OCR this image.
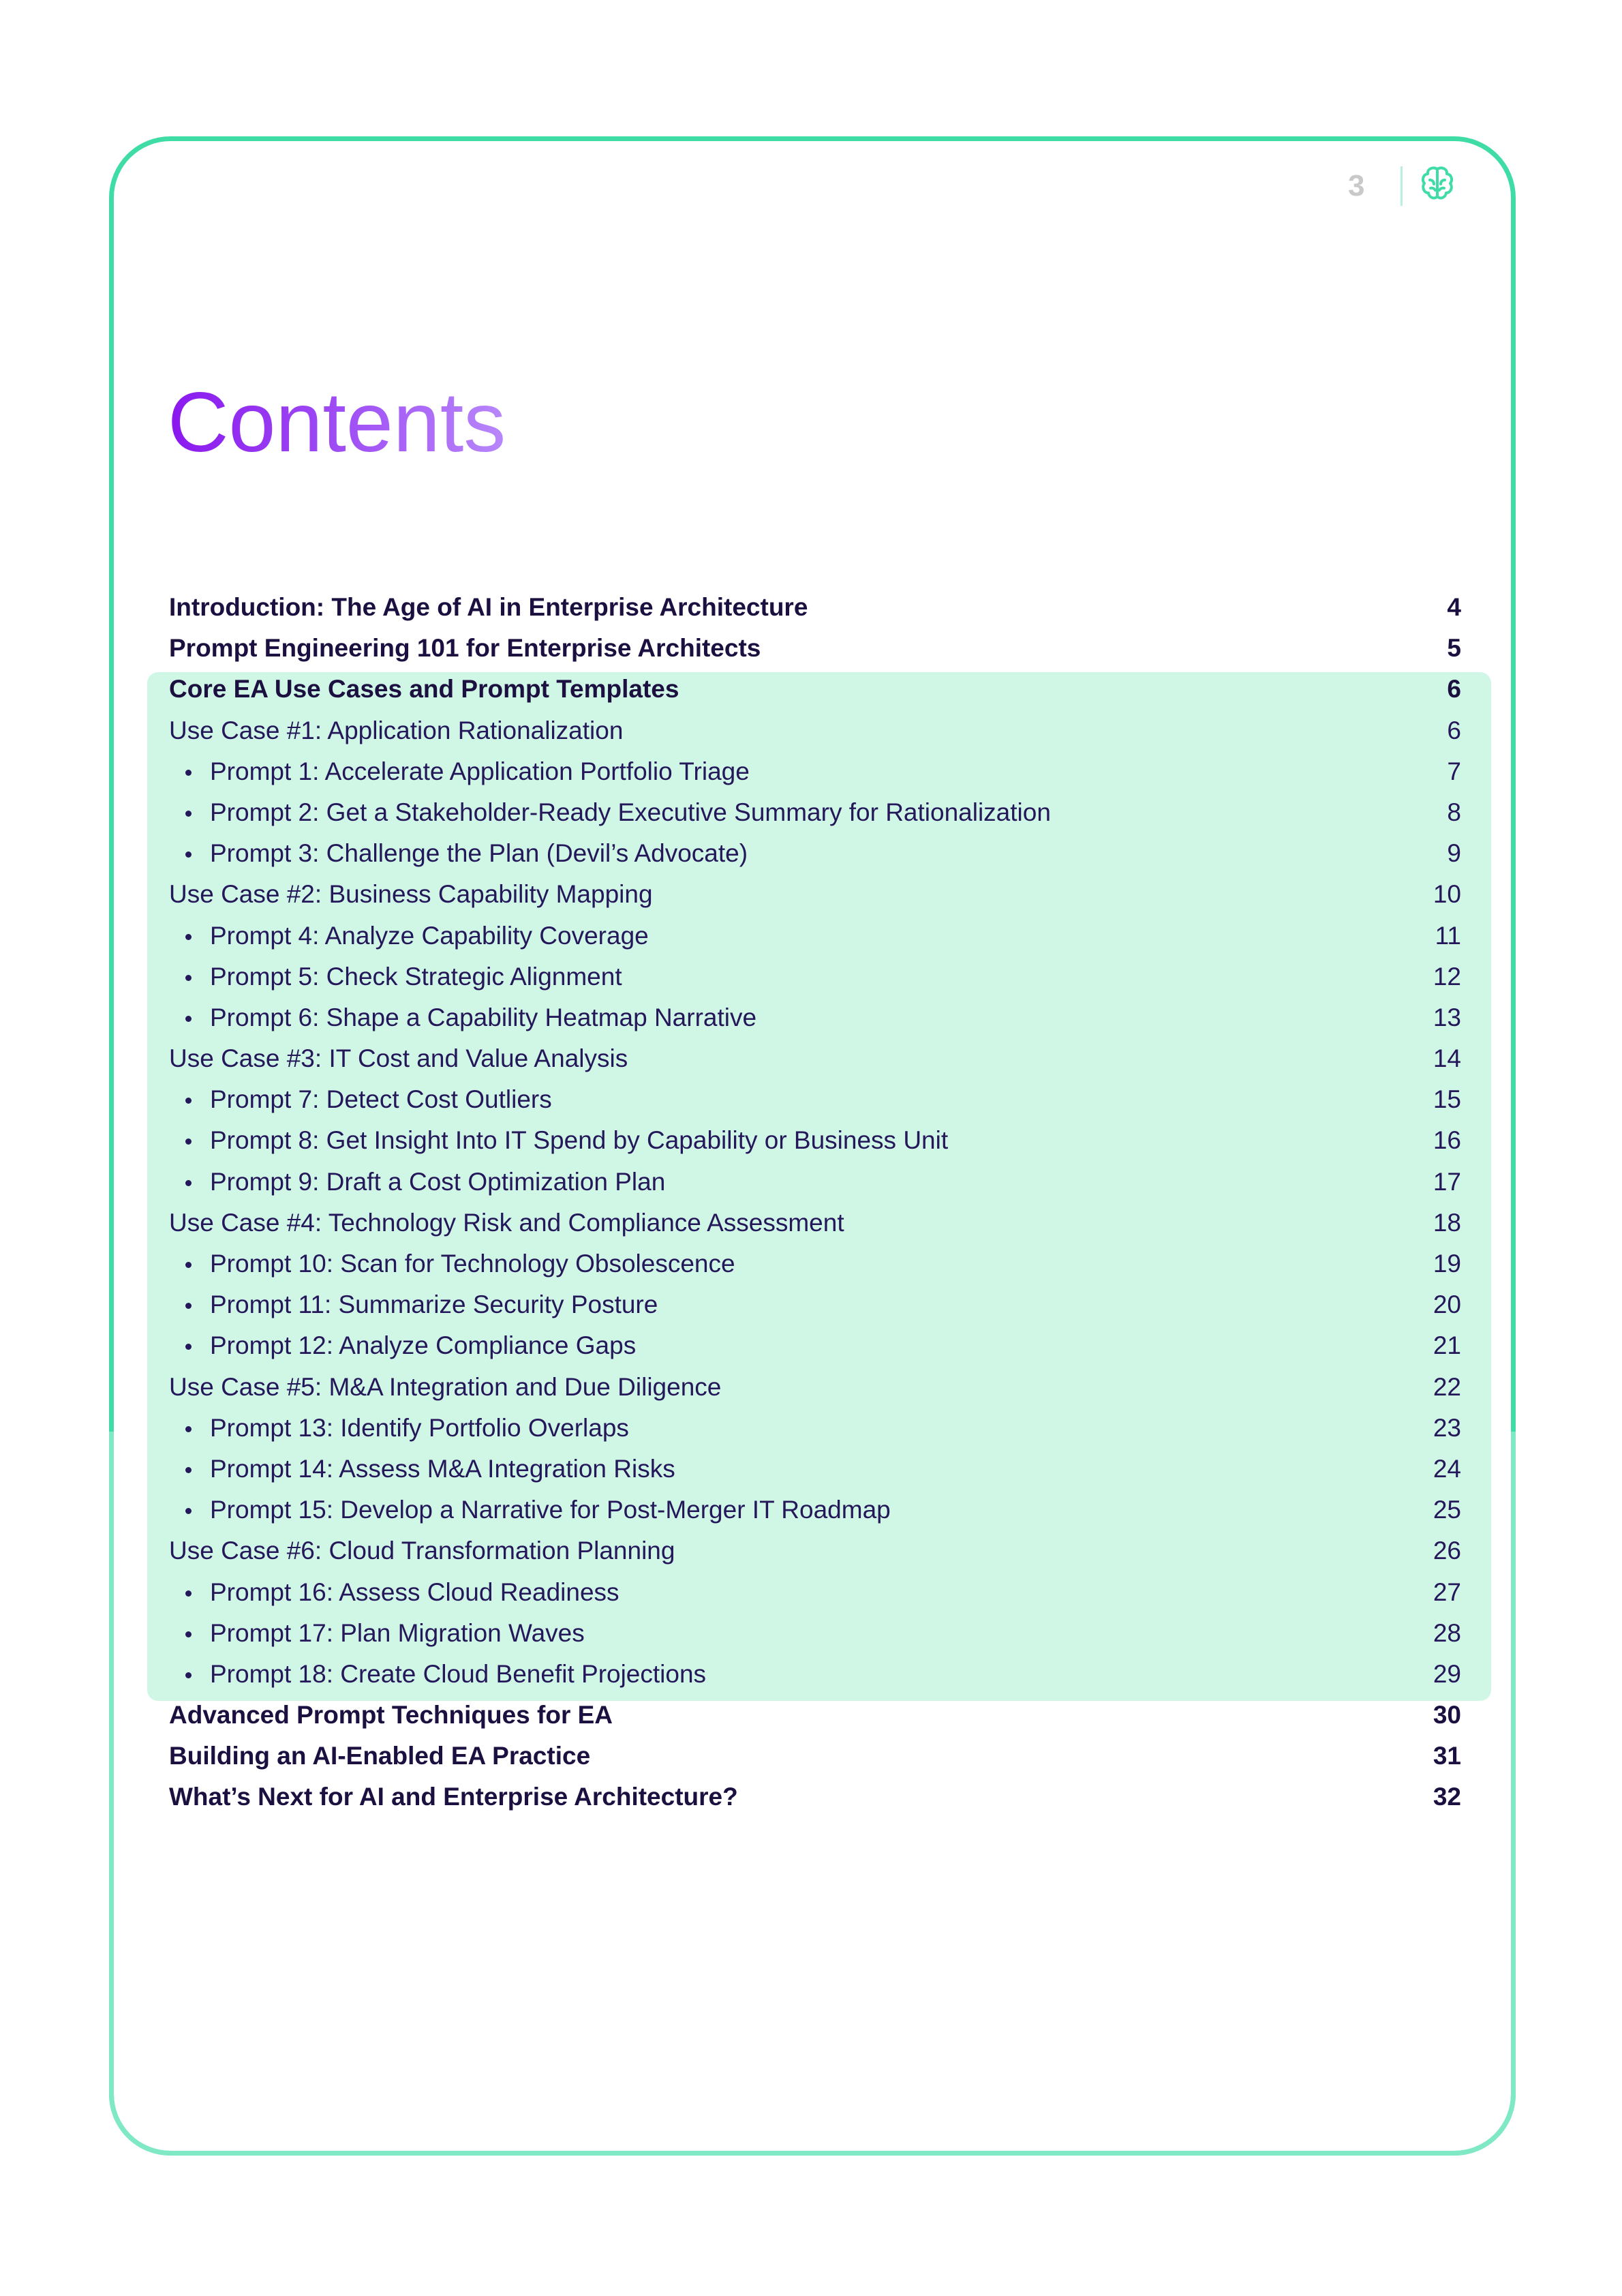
3
Contents
Introduction: The Age of AI in Enterprise Architecture	4
Prompt Engineering 101 for Enterprise Architects	5
Core EA Use Cases and Prompt Templates	6
Use Case #1: Application Rationalization	6
Prompt 1: Accelerate Application Portfolio Triage	7
Prompt 2: Get a Stakeholder-Ready Executive Summary for Rationalization	8
Prompt 3: Challenge the Plan (Devil’s Advocate)	9
Use Case #2: Business Capability Mapping	10
Prompt 4: Analyze Capability Coverage	11
Prompt 5: Check Strategic Alignment	12
Prompt 6: Shape a Capability Heatmap Narrative	13
Use Case #3: IT Cost and Value Analysis	14
Prompt 7: Detect Cost Outliers	15
Prompt 8: Get Insight Into IT Spend by Capability or Business Unit	16
Prompt 9: Draft a Cost Optimization Plan	17
Use Case #4: Technology Risk and Compliance Assessment	18
Prompt 10: Scan for Technology Obsolescence	19
Prompt 11: Summarize Security Posture	20
Prompt 12: Analyze Compliance Gaps	21
Use Case #5: M&A Integration and Due Diligence	22
Prompt 13: Identify Portfolio Overlaps	23
Prompt 14: Assess M&A Integration Risks	24
Prompt 15: Develop a Narrative for Post-Merger IT Roadmap	25
Use Case #6: Cloud Transformation Planning	26
Prompt 16: Assess Cloud Readiness	27
Prompt 17: Plan Migration Waves	28
Prompt 18: Create Cloud Benefit Projections	29
Advanced Prompt Techniques for EA	30
Building an AI-Enabled EA Practice	31
What’s Next for AI and Enterprise Architecture?	32
